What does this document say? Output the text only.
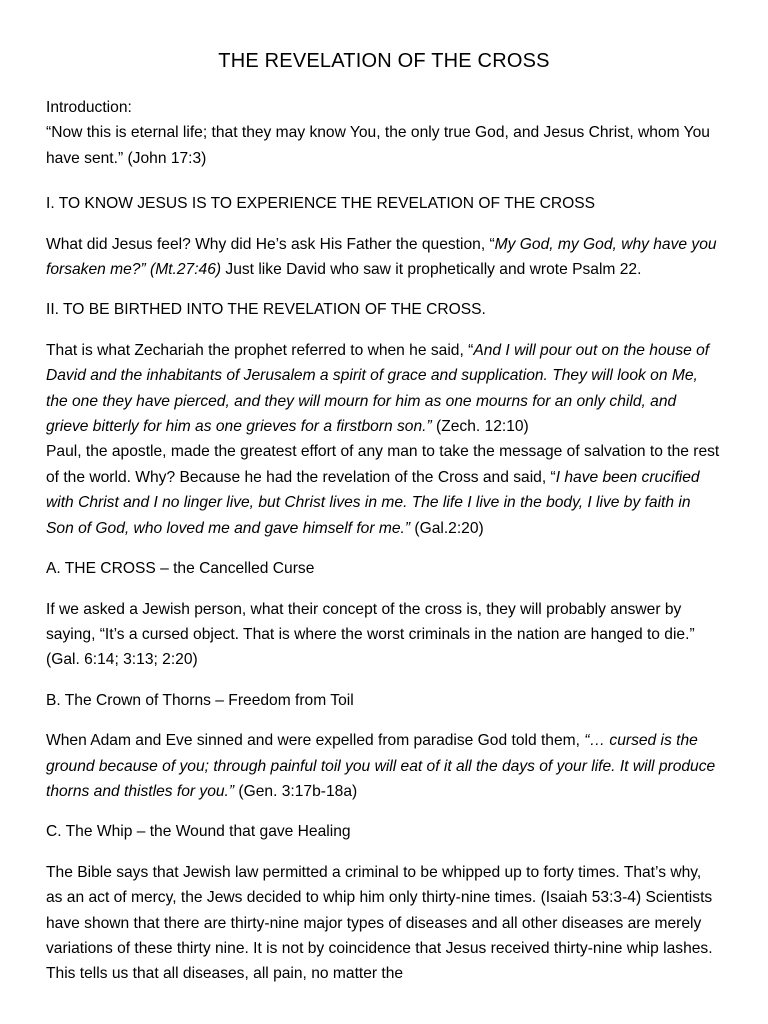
THE REVELATION OF THE CROSS

Introduction:

“Now this is eternal life; that they may know You, the only true God, and Jesus Christ, whom You have sent.” (John 17:3)

I. TO KNOW JESUS IS TO EXPERIENCE THE REVELATION OF THE CROSS

What did Jesus feel? Why did He’s ask His Father the question, “My God, my God, why have you forsaken me?” (Mt.27:46) Just like David who saw it prophetically and wrote Psalm 22.

II. TO BE BIRTHED INTO THE REVELATION OF THE CROSS.

That is what Zechariah the prophet referred to when he said, “And I will pour out on the house of David and the inhabitants of Jerusalem a spirit of grace and supplication. They will look on Me, the one they have pierced, and they will mourn for him as one mourns for an only child, and grieve bitterly for him as one grieves for a firstborn son.” (Zech. 12:10)

Paul, the apostle, made the greatest effort of any man to take the message of salvation to the rest of the world. Why? Because he had the revelation of the Cross and said, “I have been crucified with Christ and I no linger live, but Christ lives in me. The life I live in the body, I live by faith in Son of God, who loved me and gave himself for me.” (Gal.2:20)

A. THE CROSS – the Cancelled Curse

If we asked a Jewish person, what their concept of the cross is, they will probably answer by saying, “It’s a cursed object. That is where the worst criminals in the nation are hanged to die.” (Gal. 6:14; 3:13; 2:20)

B. The Crown of Thorns – Freedom from Toil

When Adam and Eve sinned and were expelled from paradise God told them, “… cursed is the ground because of you; through painful toil you will eat of it all the days of your life. It will produce thorns and thistles for you.” (Gen. 3:17b-18a)

C. The Whip – the Wound that gave Healing

The Bible says that Jewish law permitted a criminal to be whipped up to forty times. That’s why, as an act of mercy, the Jews decided to whip him only thirty-nine times. (Isaiah 53:3-4) Scientists have shown that there are thirty-nine major types of diseases and all other diseases are merely variations of these thirty nine. It is not by coincidence that Jesus received thirty-nine whip lashes. This tells us that all diseases, all pain, no matter the
